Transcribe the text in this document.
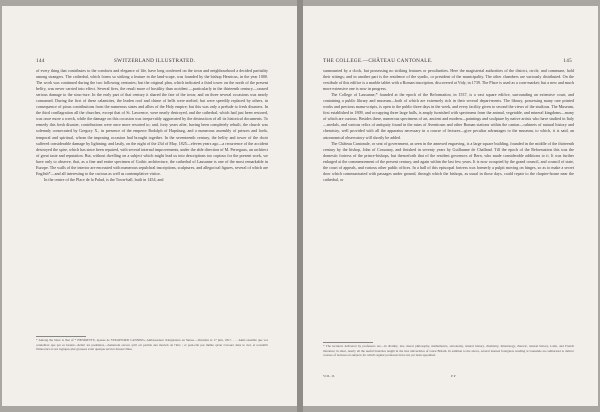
144	SWITZERLAND ILLUSTRATED.

of every thing that contributes to the comforts and elegance of life, have long conferred on the town and neighbourhood a decided partiality among strangers. The cathedral, which forms so striking a feature in the land-scape, was founded by the bishop Henricus, in the year 1000. The work was continued during the two following centuries; but the original plan, which indicated a third tower on the north of the present belfry, was never carried into effect. Several fires, the result more of hostility than accident —particularly in the thirteenth century—caused serious damage to the struc-ture. In the early part of that century it shared the fate of the town; and on three several occasions was nearly consumed. During the first of these calamities, the leaden roof and chime of bells were melted, but were speedily replaced by others, in consequence of pious contributions from the numerous states and allies of the Holy empire; but this was only a prelude to fresh disasters. In the third conflagration all the churches, except that of St. Lawrence, were nearly destroyed, and the cathedral, which had just been restored, was once more a wreck, while the damage on this occasion was irrepa-rably aggravated by the destruction of all its historical documents. To remedy this fresh disaster, contributions were once more resorted to; and, forty years after, having been completely rebuilt, the church was solemnly consecrated by Gregory X., in presence of the emperor Rodolph of Hapsburg, and a numerous assembly of princes and lords, temporal and spiritual, whom the imposing occasion had brought together. In the seventeenth century, the belfry and tower of the choir suffered considerable damage by lightning; and lastly, on the night of the 23d of May, 1825—eleven years ago—a recurrence of the accident destroyed the spire, which has since been repaired, with several internal improvements, under the able direction of M. Perregaux, an architect of great taste and reputation. But, without dwelling on a subject which might lead us into descriptions too copious for the present work, we have only to observe, that, as a fine and entire specimen of Gothic architecture, the cathedral of Lausanne is one of the most remarkable in Europe. The walls of the interior are encrusted with numerous sepulchral inscriptions, sculptures, and allegorical figures, several of which are English*—and all interesting to the curious as well as contemplative visitor.

In the centre of the Place de la Palud, is the Town-hall, built in 1454, and

* Among the latter is that of * HENRIETTE, épouse de STRATFORD CANNING, Ambassadeur d'Angleterre en Suisse.—Décédée le 17 juin, 1817. . . . Aimé sensible que vos connoîtrez que par sa beauté—hélas! les premières—donneront encore qu'il est permis aux mortels de l'être ; et peut-elle pas même qu'on s'avouer dans le ciel, et recueillir l'innocence et ses logiques plut grossees avait quelque service dresser Dieu.
THE COLLEGE.—CHÂTEAU CANTONALE.	145

surmounted by a clock, but possessing no striking features or peculiarities. Here the magisterial authorities of the district, circle, and commune, hold their sittings; and in another part is the residence of the syndic, or president of the municipality. The other chambers are variously distributed. On the vestibule of this edifice is a marble tablet with a Roman inscription, discovered at Vidy, in 1739. The Place is used as a corn-market; but a new and much more extensive one is now in progress.

The College of Lausanne,* founded at the epoch of the Reformation, in 1537, is a vast square edifice, surrounding an extensive court, and containing a public library and museum—both of which are extremely rich in their several depart-ments. The library, possessing many rare printed works and precious manu-scripts, is open to the public three days in the week, and every facility given to second the views of the studious. The Museum, first established in 1809, and occupying three large halls, is amply furnished with specimens from the animal, vegetable, and mineral kingdoms—many of which are curious. Besides these, numerous specimens of art, ancient and modern—paintings and sculpture by native artists who have studied in Italy—medals, and various relics of antiquity found in the ruins of Aventicum and other Roman stations within the canton—cabinets of natural history and chemistry, well provided with all the apparatus necessary in a course of lectures—give peculiar advantages to the museum, to which, it is said, an astronomical observatory will shortly be added.

The Château Cantonale, or seat of government, as seen in the annexed engraving, is a large square building, founded in the middle of the thirteenth century by the bishop, John of Cossonay, and finished in seventy years by Guillaume de Challand. Till the epoch of the Reformation this was the domestic fortress of the prince-bishops, but thenceforth that of the resident governors of Bern, who made considerable additions to it. It was further enlarged at the commencement of the present century, and again within the last few years. It is now occupied by the grand council, and council of state, the court of appeals, and various other public offices. In a hall of this episcopal fortress was formerly a pulpit moving on hinges, so as to make a secret door which communicated with passages under ground, through which the bishops, as usual in those days, could repair to the chapter-house near the cathedral, or

* The lecturers delivered by professors are—in divinity, law, moral philosophy, mathematics, astronomy, natural history, chemistry, mineralogy, rhetoric, natural history, Latin, and French literature; in short, nearly all the useful branches taught in the best universities of Great Britain. In addition to the above, several learned foreigners residing at Lausanne are authorised to deliver courses of lectures on subjects for which regular professors have not yet been appointed.
VOL. II.	P P
